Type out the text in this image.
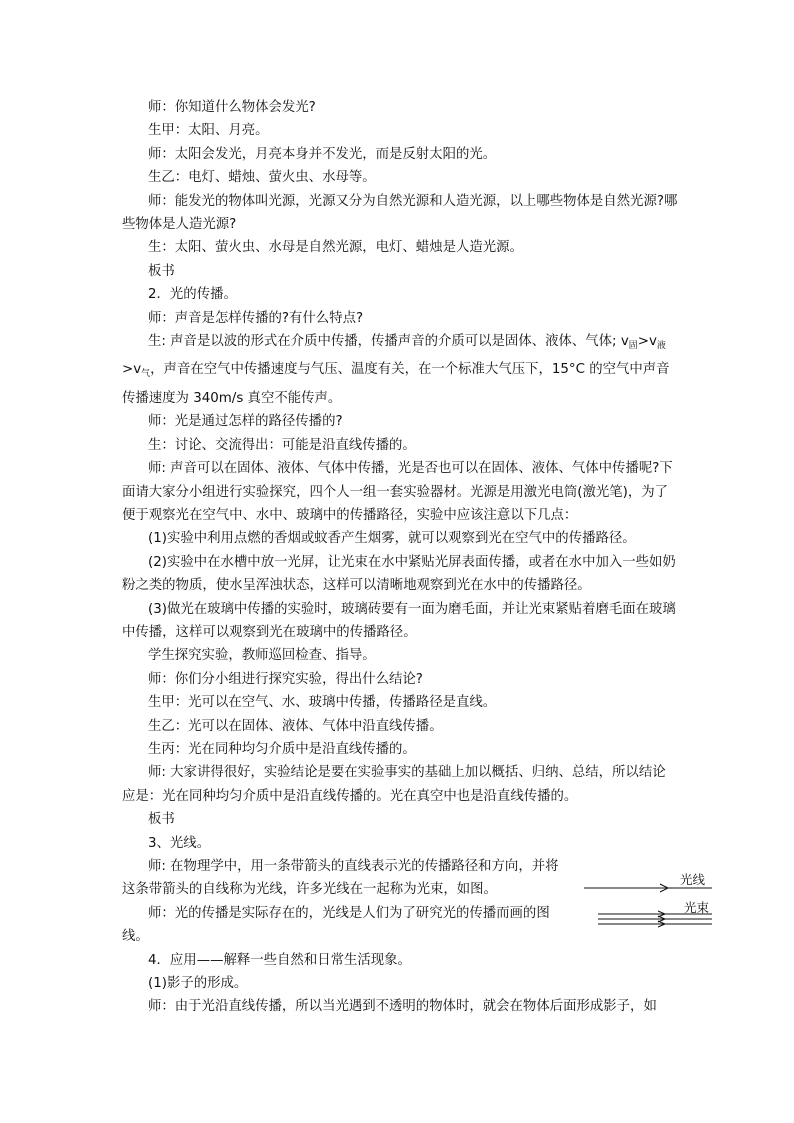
师：你知道什么物体会发光?

生甲：太阳、月亮。

师：太阳会发光，月亮本身并不发光，而是反射太阳的光。

生乙：电灯、蜡烛、萤火虫、水母等。

师：能发光的物体叫光源，光源又分为自然光源和人造光源，以上哪些物体是自然光源?哪些物体是人造光源?

生：太阳、萤火虫、水母是自然光源，电灯、蜡烛是人造光源。

板书

2．光的传播。

师：声音是怎样传播的?有什么特点?

生: 声音是以波的形式在介质中传播，传播声音的介质可以是固体、液体、气体; $v_固>v_液>v_气$，声音在空气中传播速度与气压、温度有关，在一个标准大气压下，15°C 的空气中声音传播速度为 340m/s 真空不能传声。

师：光是通过怎样的路径传播的?

生：讨论、交流得出：可能是沿直线传播的。

师: 声音可以在固体、液体、气体中传播，光是否也可以在固体、液体、气体中传播呢?下面请大家分小组进行实验探究，四个人一组一套实验器材。光源是用激光电筒(激光笔)，为了便于观察光在空气中、水中、玻璃中的传播路径，实验中应该注意以下几点：

(1)实验中利用点燃的香烟或蚊香产生烟雾，就可以观察到光在空气中的传播路径。

(2)实验中在水槽中放一光屏，让光束在水中紧贴光屏表面传播，或者在水中加入一些如奶粉之类的物质，使水呈浑浊状态，这样可以清晰地观察到光在水中的传播路径。

(3)做光在玻璃中传播的实验时，玻璃砖要有一面为磨毛面，并让光束紧贴着磨毛面在玻璃中传播，这样可以观察到光在玻璃中的传播路径。

学生探究实验，教师巡回检查、指导。

师：你们分小组进行探究实验，得出什么结论?

生甲：光可以在空气、水、玻璃中传播，传播路径是直线。

生乙：光可以在固体、液体、气体中沿直线传播。

生丙：光在同种均匀介质中是沿直线传播的。

师: 大家讲得很好，实验结论是要在实验事实的基础上加以概括、归纳、总结，所以结论应是：光在同种均匀介质中是沿直线传播的。光在真空中也是沿直线传播的。

板书

3、光线。

师: 在物理学中，用一条带箭头的直线表示光的传播路径和方向，并将这条带箭头的自线称为光线，许多光线在一起称为光束，如图。

师：光的传播是实际存在的，光线是人们为了研究光的传播而画的图线。

4．应用——解释一些自然和日常生活现象。

(1)影子的形成。

师：由于光沿直线传播，所以当光遇到不透明的物体时，就会在物体后面形成影子，如

光线
光束
